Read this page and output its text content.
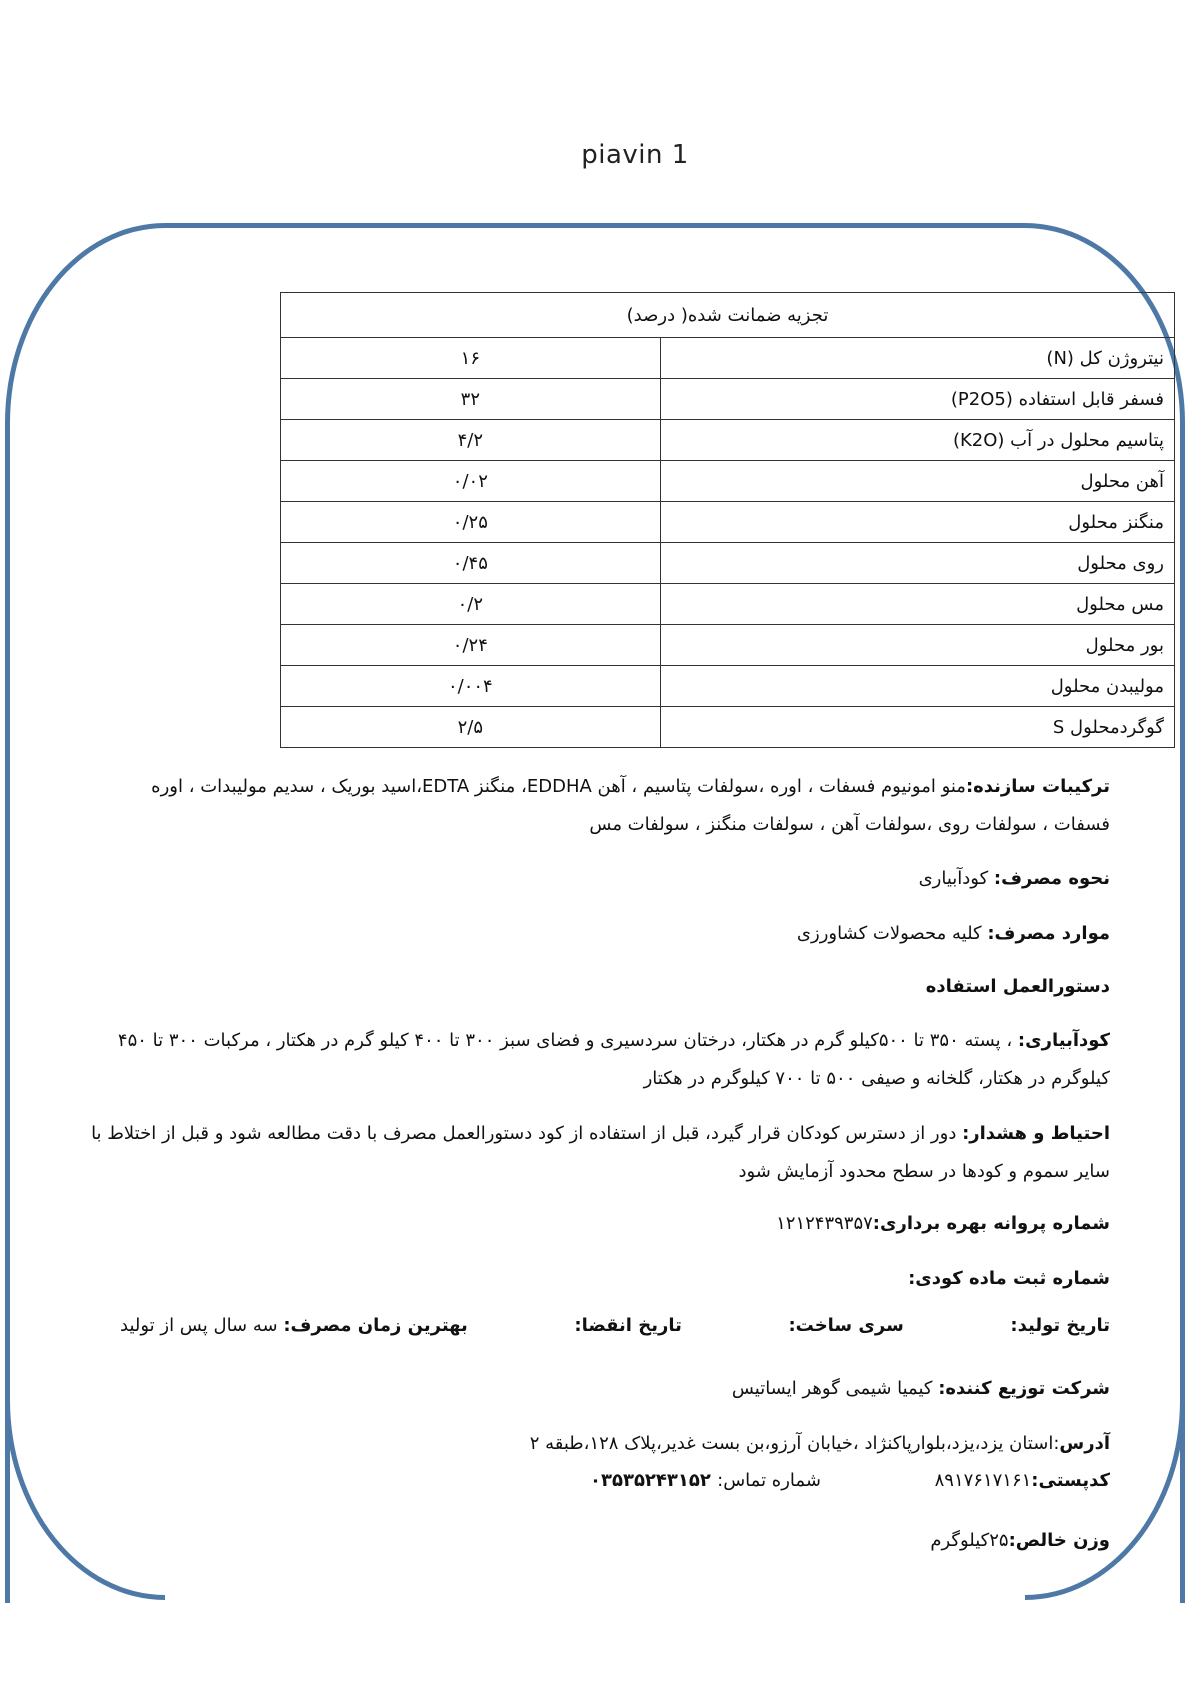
piavin 1
تجزیه ضمانت شده( درصد)	
نیتروژن کل (N)	۱۶
فسفر قابل استفاده (P2O5)	۳۲
پتاسیم محلول در آب (K2O)	۴/۲
آهن محلول	۰/۰۲
منگنز محلول	۰/۲۵
روی محلول	۰/۴۵
مس محلول	۰/۲
بور محلول	۰/۲۴
مولیبدن محلول	۰/۰۰۴
گوگردمحلول S	۲/۵
ترکیبات سازنده:منو امونیوم فسفات ، اوره ،سولفات پتاسیم ، آهن EDDHA، منگنز EDTA،اسید بوریک ، سدیم مولیبدات ، اوره فسفات ، سولفات روی ،سولفات آهن ، سولفات منگنز ، سولفات مس
نحوه مصرف: کودآبیاری
موارد مصرف: کلیه محصولات کشاورزی
دستورالعمل استفاده
کودآبیاری: ، پسته ۳۵۰ تا ۵۰۰کیلو گرم در هکتار، درختان سردسیری و فضای سبز ۳۰۰ تا ۴۰۰ کیلو گرم در هکتار ، مرکبات ۳۰۰ تا ۴۵۰ کیلوگرم در هکتار، گلخانه و صیفی ۵۰۰ تا ۷۰۰ کیلوگرم در هکتار
احتیاط و هشدار: دور از دسترس کودکان قرار گیرد، قبل از استفاده از کود دستورالعمل مصرف با دقت مطالعه شود و قبل از اختلاط با سایر سموم و کودها در سطح محدود آزمایش شود
شماره پروانه بهره برداری:۱۲۱۲۴۳۹۳۵۷
شماره ثبت ماده کودی:
تاریخ تولید:
سری ساخت:
تاریخ انقضا:
بهترین زمان مصرف: سه سال پس از تولید
شرکت توزیع کننده: کیمیا شیمی گوهر ایساتیس
آدرس:استان یزد،یزد،بلوارپاکنژاد ،خیابان آرزو،بن بست غدیر،پلاک ۱۲۸،طبقه ۲
کدپستی:۸۹۱۷۶۱۷۱۶۱
شماره تماس: ۰۳۵۳۵۲۴۳۱۵۲
وزن خالص:۲۵کیلوگرم
